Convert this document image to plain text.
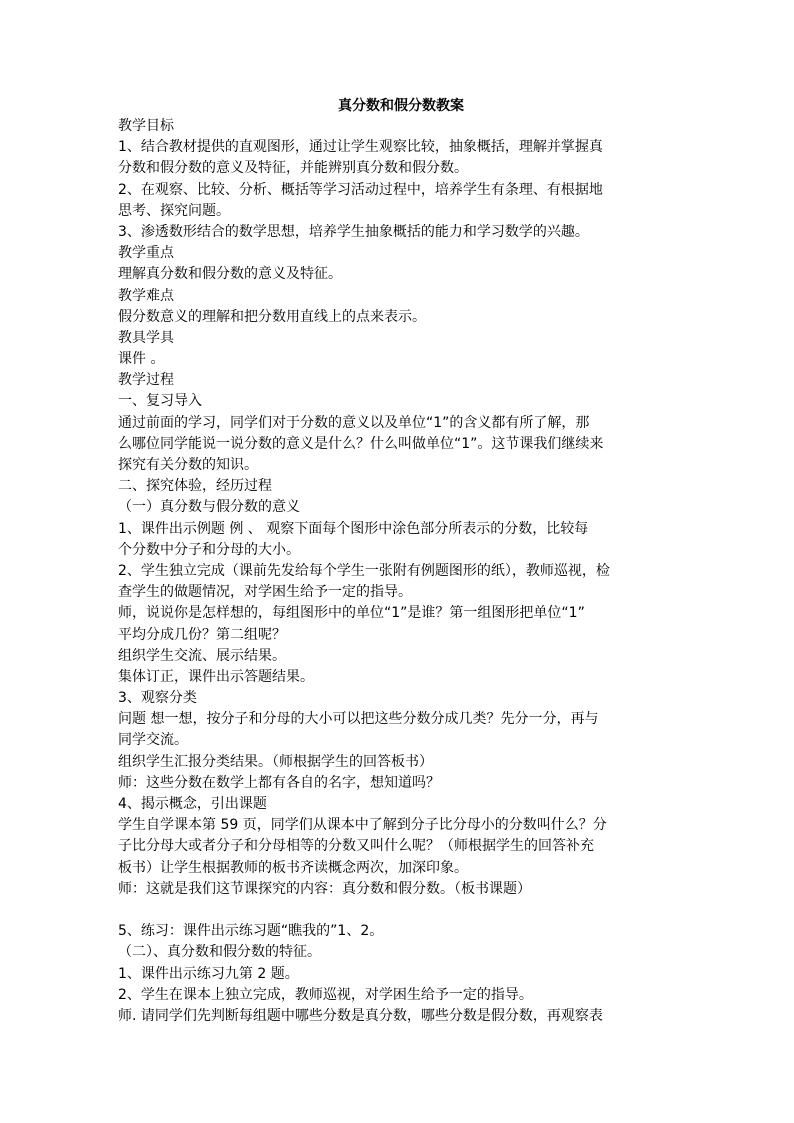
真分数和假分数教案
教学目标
1、结合教材提供的直观图形，通过让学生观察比较，抽象概括，理解并掌握真
分数和假分数的意义及特征，并能辨别真分数和假分数。
2、在观察、比较、分析、概括等学习活动过程中，培养学生有条理、有根据地
思考、探究问题。
3、渗透数形结合的数学思想，培养学生抽象概括的能力和学习数学的兴趣。
教学重点
理解真分数和假分数的意义及特征。
教学难点
假分数意义的理解和把分数用直线上的点来表示。
教具学具
课件 。
教学过程
一、复习导入
通过前面的学习，同学们对于分数的意义以及单位“1”的含义都有所了解，那
么哪位同学能说一说分数的意义是什么？什么叫做单位“1”。这节课我们继续来
探究有关分数的知识。
二、探究体验，经历过程
（一）真分数与假分数的意义
1、课件出示例题 例 、 观察下面每个图形中涂色部分所表示的分数，比较每
个分数中分子和分母的大小。
2、学生独立完成（课前先发给每个学生一张附有例题图形的纸），教师巡视，检
查学生的做题情况，对学困生给予一定的指导。
师，说说你是怎样想的，每组图形中的单位“1”是谁？第一组图形把单位“1”
平均分成几份？第二组呢？
组织学生交流、展示结果。
集体订正，课件出示答题结果。
3、观察分类
问题 想一想，按分子和分母的大小可以把这些分数分成几类？先分一分，再与
同学交流。
组织学生汇报分类结果。（师根据学生的回答板书）
师：这些分数在数学上都有各自的名字，想知道吗？
4、揭示概念，引出课题
学生自学课本第 59 页，同学们从课本中了解到分子比分母小的分数叫什么？分
子比分母大或者分子和分母相等的分数又叫什么呢？（师根据学生的回答补充
板书）让学生根据教师的板书齐读概念两次，加深印象。
师：这就是我们这节课探究的内容：真分数和假分数。（板书课题）
5、练习：课件出示练习题“瞧我的”1、2。
（二）、真分数和假分数的特征。
1、课件出示练习九第 2 题。
2、学生在课本上独立完成，教师巡视，对学困生给予一定的指导。
师. 请同学们先判断每组题中哪些分数是真分数，哪些分数是假分数，再观察表
